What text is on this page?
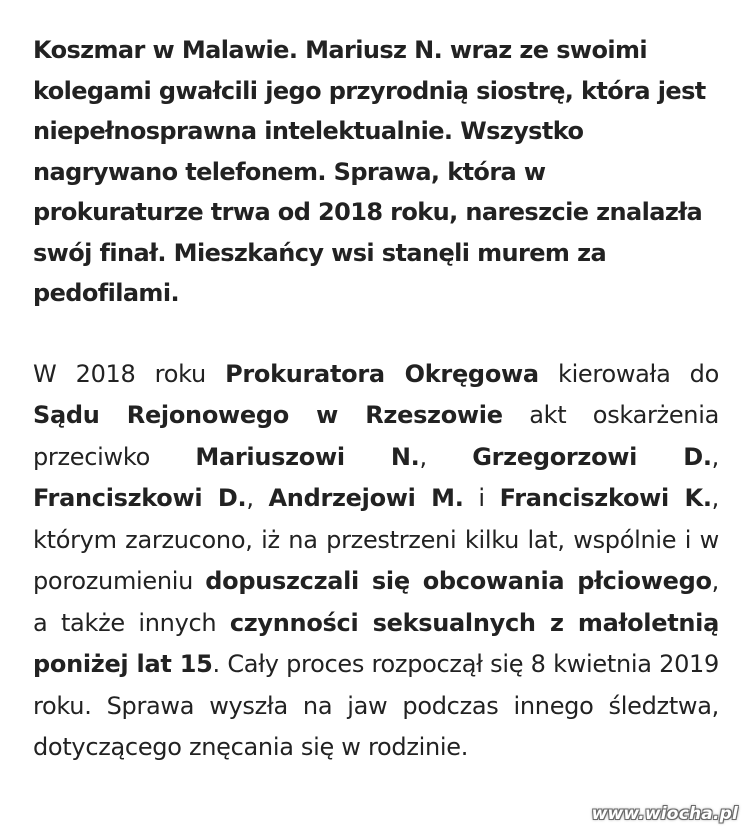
Koszmar w Malawie. Mariusz N. wraz ze swoimi kolegami gwałcili jego przyrodnią siostrę, która jest niepełnosprawna intelektualnie. Wszystko nagrywano telefonem. Sprawa, która w prokuraturze trwa od 2018 roku, nareszcie znalazła swój finał. Mieszkańcy wsi stanęli murem za pedofilami.

W 2018 roku Prokuratora Okręgowa kierowała do Sądu Rejonowego w Rzeszowie akt oskarżenia przeciwko Mariuszowi N., Grzegorzowi D., Franciszkowi D., Andrzejowi M. i Franciszkowi K., którym zarzucono, iż na przestrzeni kilku lat, wspólnie i w porozumieniu dopuszczali się obcowania płciowego, a także innych czynności seksualnych z małoletnią poniżej lat 15. Cały proces rozpoczął się 8 kwietnia 2019 roku. Sprawa wyszła na jaw podczas innego śledztwa, dotyczącego znęcania się w rodzinie.

www.wiocha.pl
